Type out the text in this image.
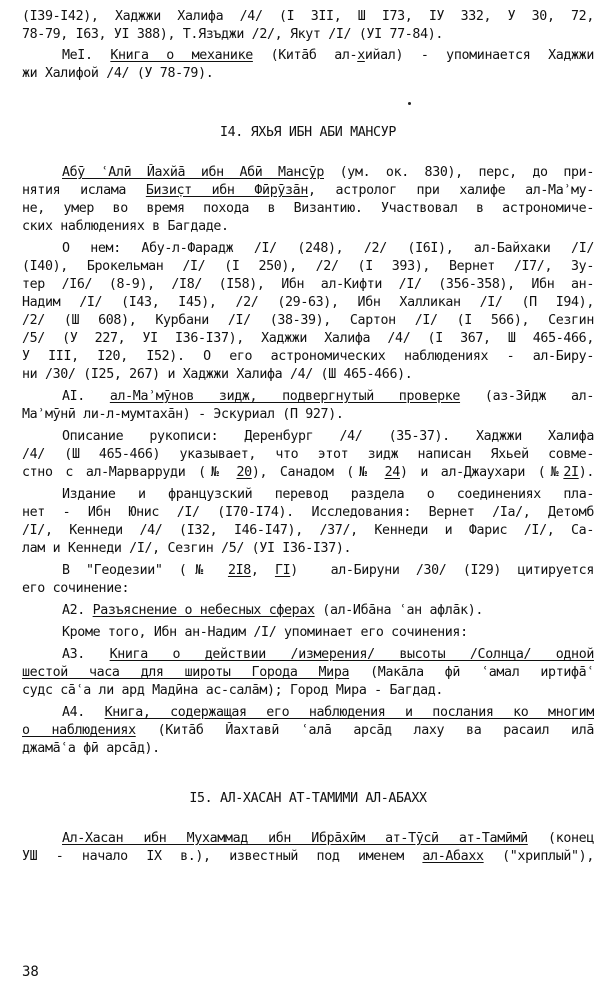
(I39-I42), Хаджжи Халифа /4/ (I 3II, Ш I73, IУ 332, У 30, 72,
78-79, I63, УI 388), Т.Язъджи /2/, Якут /I/ (УI 77-84).
МеI. Книга о механике (Кита̄б ал-хийал) - упоминается Хаджжи
жи Халифой /4/ (У 78-79).
I4. ЯХЬЯ ИБН АБИ МАНСУР
Абӯ ʿАлӣ Йахйа̄ ибн Абӣ Мансӯр (ум. ок. 830), перс, до при-
нятия ислама Бизи̣ст ибн Фӣрӯза̄н, астролог при халифе ал-Маʾму-
не, умер во время похода в Византию. Участвовал в астрономиче-
ских наблюдениях в Багдаде.
О нем: Абу-л-Фарадж /I/ (248), /2/ (I6I), ал-Байхаки /I/
(I40), Брокельман /I/ (I 250), /2/ (I 393), Вернет /I7/, Зу-
тер /I6/ (8-9), /I8/ (I58), Ибн ал-Кифти /I/ (356-358), Ибн ан-
Надим /I/ (I43, I45), /2/ (29-63), Ибн Халликан /I/ (П I94),
/2/ (Ш 608), Курбани /I/ (38-39), Сартон /I/ (I 566), Сезгин
/5/ (У 227, УI I36-I37), Хаджжи Халифа /4/ (I 367, Ш 465-466,
У III, I20, I52). О его астрономических наблюдениях - ал-Биру-
ни /30/ (I25, 267) и Хаджжи Халифа /4/ (Ш 465-466).
AI. ал-Маʾмӯнов зидж, подвергнутый проверке (аз-Зӣдж ал-
Маʾмӯнӣ ли-л-мумтаха̄н) - Эскуриал (П 927).
Описание рукописи: Деренбург /4/ (35-37). Хаджжи Халифа
/4/ (Ш 465-466) указывает, что этот зидж написан Яхьей совме-
стно с ал-Марварруди (№ 20), Санадом (№ 24) и ал-Джаухари (№2I).
Издание и французский перевод раздела о соединениях пла-
нет - Ибн Юнис /I/ (I70-I74). Исследования: Вернет /Iа/, Детомб
/I/, Кеннеди /4/ (I32, I46-I47), /37/, Кеннеди и Фарис /I/, Са-
лам и Кеннеди /I/, Сезгин /5/ (УI I36-I37).
В "Геодезии" (№ 2I8, ГI)  ал-Бируни /30/ (I29) цитируется
его сочинение:
А2. Разъяснение о небесных сферах (ал-Ибāна ʿан афлāк).
Кроме того, Ибн ан-Надим /I/ упоминает его сочинения:
А3. Книга о действии /измерения/ высоты /Солнца/ одной
шестой часа для широты Города Мира (Мака̄ла фӣ ʿамал иртифа̄ʿ
судс са̄ʿа ли ард Мадӣна ас-сала̄м); Город Мира - Багдад.
А4. Книга, содержащая его наблюдения и послания ко многим
о наблюдениях (Кита̄б Йахтавӣ ʿала̄ арса̄д лаху ва расаил ила̄
джама̄ʿа фӣ арса̄д).
I5. АЛ-ХАСАН АТ-ТАМИМИ АЛ-АБАХХ
Ал-Хасан ибн Мухаммад ибн Ибра̄хӣм ат-Тӯсӣ ат-Тамӣмӣ (конец
УШ - начало IX в.), известный под именем ал-Абахх ("хриплый"),
38
